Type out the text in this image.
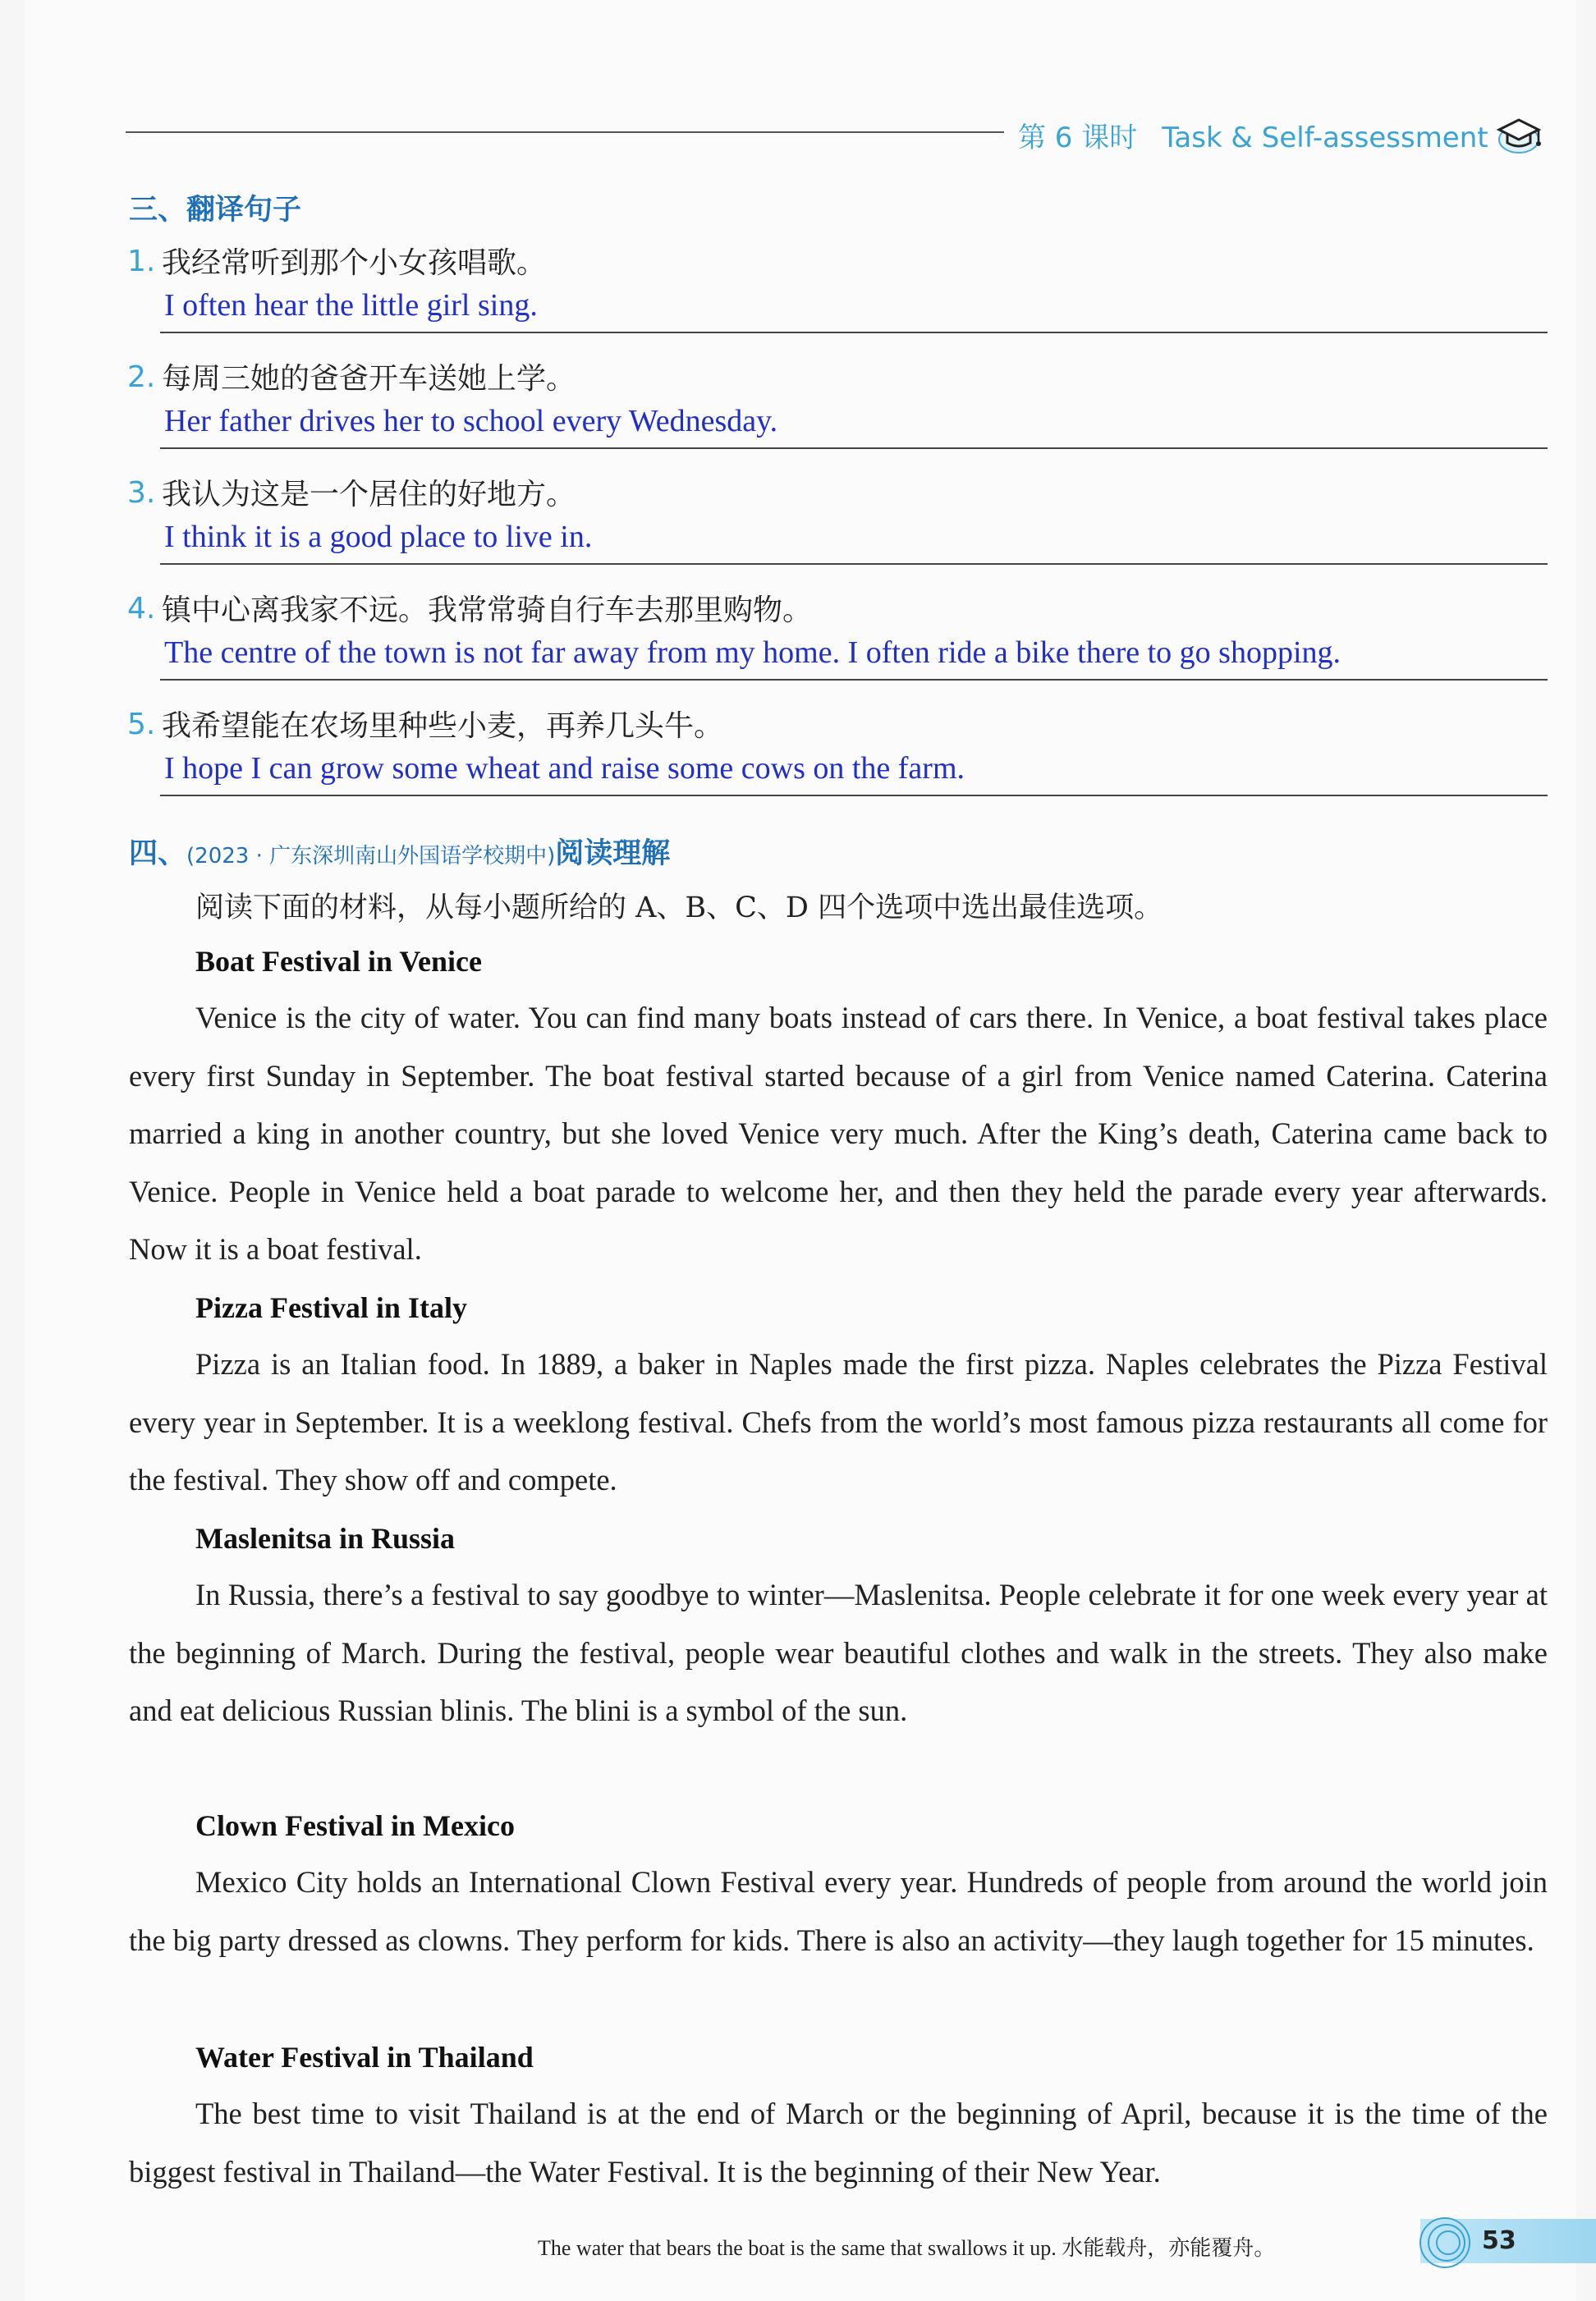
第 6 课时 Task & Self-assessment
三、翻译句子
1. 我经常听到那个小女孩唱歌。
I often hear the little girl sing.
2. 每周三她的爸爸开车送她上学。
Her father drives her to school every Wednesday.
3. 我认为这是一个居住的好地方。
I think it is a good place to live in.
4. 镇中心离我家不远。我常常骑自行车去那里购物。
The centre of the town is not far away from my home. I often ride a bike there to go shopping.
5. 我希望能在农场里种些小麦，再养几头牛。
I hope I can grow some wheat and raise some cows on the farm.
四、(2023 · 广东深圳南山外国语学校期中)阅读理解
阅读下面的材料，从每小题所给的 A、B、C、D 四个选项中选出最佳选项。
Boat Festival in Venice
Venice is the city of water. You can find many boats instead of cars there. In Venice, a boat festival takes place every first Sunday in September. The boat festival started because of a girl from Venice named Caterina. Caterina married a king in another country, but she loved Venice very much. After the King’s death, Caterina came back to Venice. People in Venice held a boat parade to welcome her, and then they held the parade every year afterwards. Now it is a boat festival.
Pizza Festival in Italy
Pizza is an Italian food. In 1889, a baker in Naples made the first pizza. Naples celebrates the Pizza Festival every year in September. It is a weeklong festival. Chefs from the world’s most famous pizza restaurants all come for the festival. They show off and compete.
Maslenitsa in Russia
In Russia, there’s a festival to say goodbye to winter—Maslenitsa. People celebrate it for one week every year at the beginning of March. During the festival, people wear beautiful clothes and walk in the streets. They also make and eat delicious Russian blinis. The blini is a symbol of the sun.
Clown Festival in Mexico
Mexico City holds an International Clown Festival every year. Hundreds of people from around the world join the big party dressed as clowns. They perform for kids. There is also an activity—they laugh together for 15 minutes.
Water Festival in Thailand
The best time to visit Thailand is at the end of March or the beginning of April, because it is the time of the biggest festival in Thailand—the Water Festival. It is the beginning of their New Year.
The water that bears the boat is the same that swallows it up. 水能载舟，亦能覆舟。	53
